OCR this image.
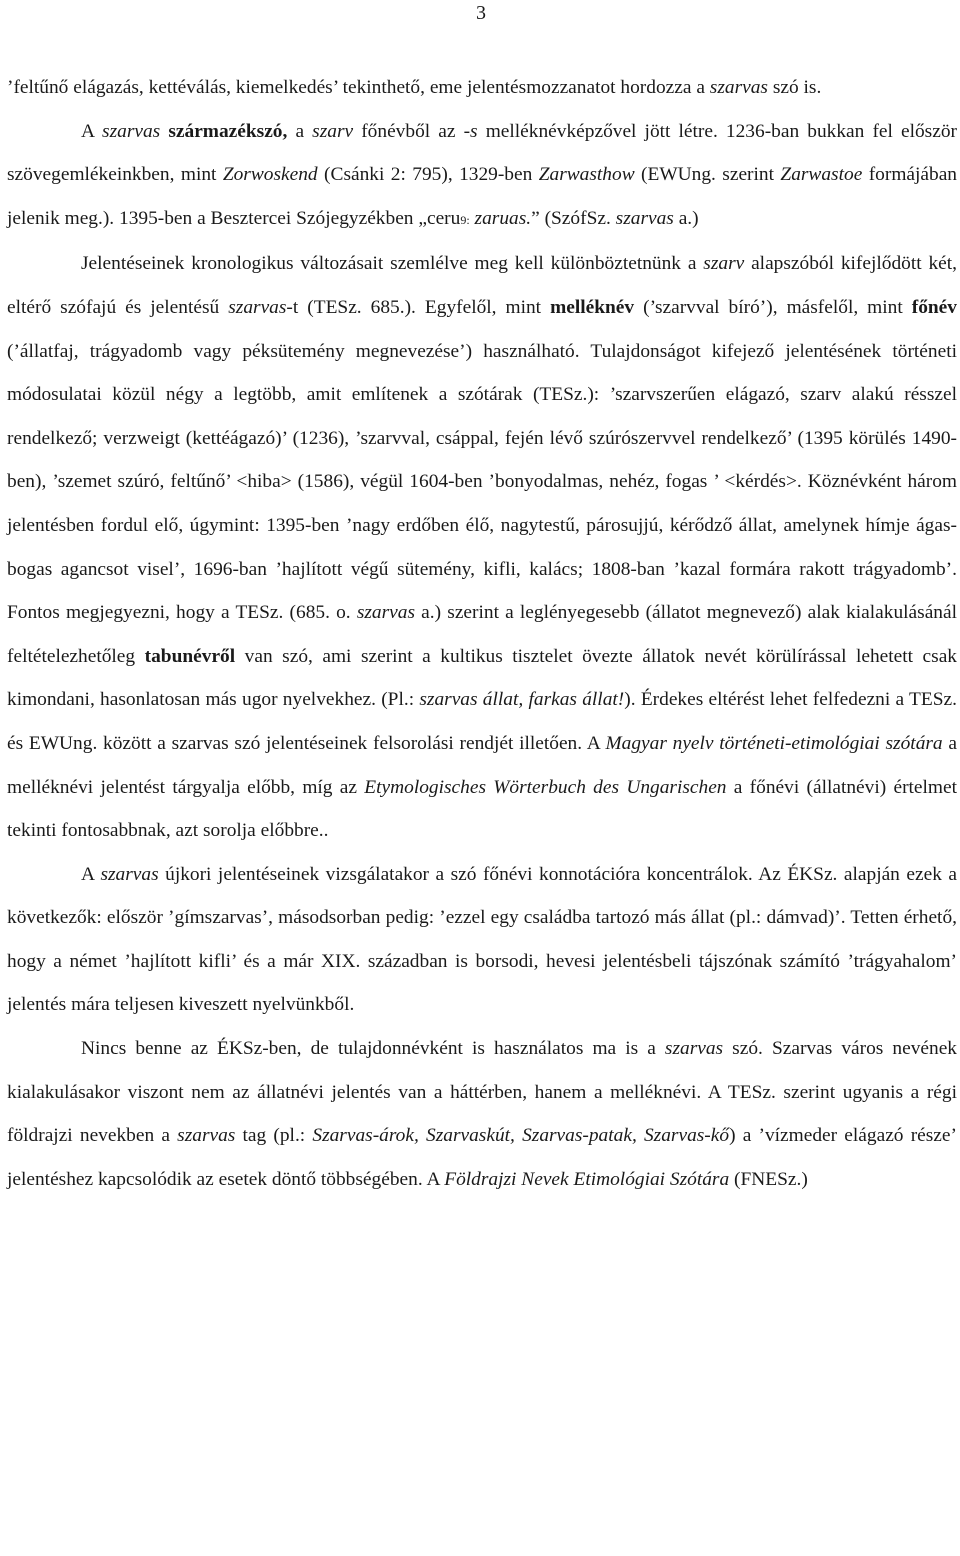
3

’feltűnő elágazás, kettéválás, kiemelkedés’ tekinthető, eme jelentésmozzanatot hordozza a szarvas szó is.

A szarvas származékszó, a szarv főnévből az -s melléknévképzővel jött létre. 1236-ban bukkan fel először szövegemlékeinkben, mint Zorwoskend (Csánki 2: 795), 1329-ben Zarwasthow (EWUng. szerint Zarwastoe formájában jelenik meg.). 1395-ben a Besztercei Szójegyzékben „ceru9: zaruas.” (SzófSz. szarvas a.)

Jelentéseinek kronologikus változásait szemlélve meg kell különböztetnünk a szarv alapszóból kifejlődött két, eltérő szófajú és jelentésű szarvas-t (TESz. 685.). Egyfelől, mint melléknév (’szarvval bíró’), másfelől, mint főnév (’állatfaj, trágyadomb vagy péksütemény megnevezése’) használható. Tulajdonságot kifejező jelentésének történeti módosulatai közül négy a legtöbb, amit említenek a szótárak (TESz.): ’szarvszerűen elágazó, szarv alakú résszel rendelkező; verzweigt (kettéágazó)’ (1236), ’szarvval, csáppal, fején lévő szúrószervvel rendelkező’ (1395 körülés 1490-ben), ’szemet szúró, feltűnő’ <hiba> (1586), végül 1604-ben ’bonyodalmas, nehéz, fogas ’ <kérdés>. Köznévként három jelentésben fordul elő, úgymint: 1395-ben ’nagy erdőben élő, nagytestű, párosujjú, kérődző állat, amelynek hímje ágas-bogas agancsot visel’, 1696-ban ’hajlított végű sütemény, kifli, kalács; 1808-ban ’kazal formára rakott trágyadomb’. Fontos megjegyezni, hogy a TESz. (685. o. szarvas a.) szerint a leglényegesebb (állatot megnevező) alak kialakulásánál feltételezhetőleg tabunévről van szó, ami szerint a kultikus tisztelet övezte állatok nevét körülírással lehetett csak kimondani, hasonlatosan más ugor nyelvekhez. (Pl.: szarvas állat, farkas állat!). Érdekes eltérést lehet felfedezni a TESz. és EWUng. között a szarvas szó jelentéseinek felsorolási rendjét illetően. A Magyar nyelv történeti-etimológiai szótára a melléknévi jelentést tárgyalja előbb, míg az Etymologisches Wörterbuch des Ungarischen a főnévi (állatnévi) értelmet tekinti fontosabbnak, azt sorolja előbbre..

A szarvas újkori jelentéseinek vizsgálatakor a szó főnévi konnotációra koncentrálok. Az ÉKSz. alapján ezek a következők: először ’gímszarvas’, másodsorban pedig: ’ezzel egy családba tartozó más állat (pl.: dámvad)’. Tetten érhető, hogy a német ’hajlított kifli’ és a már XIX. században is borsodi, hevesi jelentésbeli tájszónak számító ’trágyahalom’ jelentés mára teljesen kiveszett nyelvünkből.

Nincs benne az ÉKSz-ben, de tulajdonnévként is használatos ma is a szarvas szó. Szarvas város nevének kialakulásakor viszont nem az állatnévi jelentés van a háttérben, hanem a melléknévi. A TESz. szerint ugyanis a régi földrajzi nevekben a szarvas tag (pl.: Szarvas-árok, Szarvaskút, Szarvas-patak, Szarvas-kő) a ’vízmeder elágazó része’ jelentéshez kapcsolódik az esetek döntő többségében. A Földrajzi Nevek Etimológiai Szótára (FNESz.)
